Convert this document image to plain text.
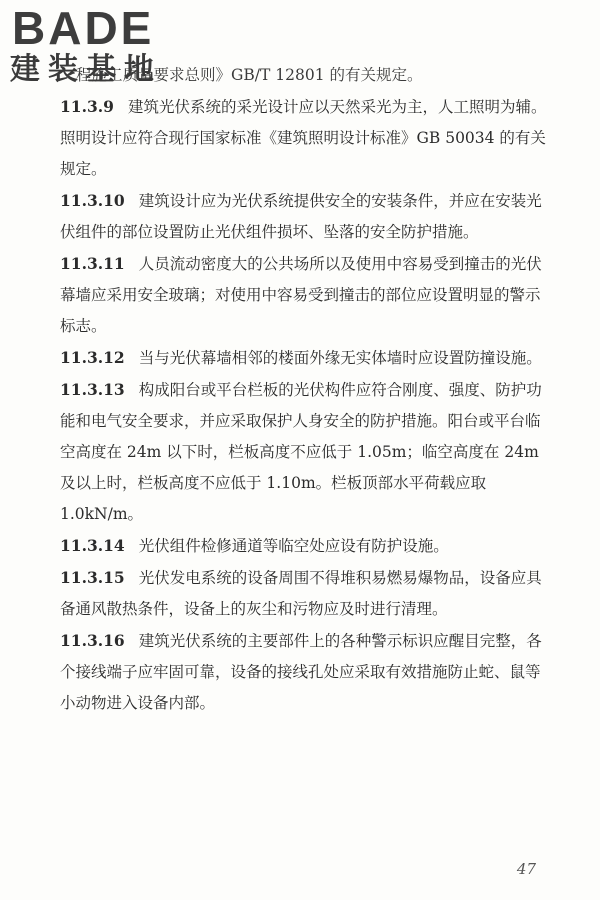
BADE
建装基地

程施工质量要求总则》GB/T 12801 的有关规定。

11.3.9 建筑光伏系统的采光设计应以天然采光为主，人工照明为辅。照明设计应符合现行国家标准《建筑照明设计标准》GB 50034 的有关规定。

11.3.10 建筑设计应为光伏系统提供安全的安装条件，并应在安装光伏组件的部位设置防止光伏组件损坏、坠落的安全防护措施。

11.3.11 人员流动密度大的公共场所以及使用中容易受到撞击的光伏幕墙应采用安全玻璃；对使用中容易受到撞击的部位应设置明显的警示标志。

11.3.12 当与光伏幕墙相邻的楼面外缘无实体墙时应设置防撞设施。

11.3.13 构成阳台或平台栏板的光伏构件应符合刚度、强度、防护功能和电气安全要求，并应采取保护人身安全的防护措施。阳台或平台临空高度在 24m 以下时，栏板高度不应低于 1.05m；临空高度在 24m 及以上时，栏板高度不应低于 1.10m。栏板顶部水平荷载应取 1.0kN/m。

11.3.14 光伏组件检修通道等临空处应设有防护设施。

11.3.15 光伏发电系统的设备周围不得堆积易燃易爆物品，设备应具备通风散热条件，设备上的灰尘和污物应及时进行清理。

11.3.16 建筑光伏系统的主要部件上的各种警示标识应醒目完整，各个接线端子应牢固可靠，设备的接线孔处应采取有效措施防止蛇、鼠等小动物进入设备内部。

47
